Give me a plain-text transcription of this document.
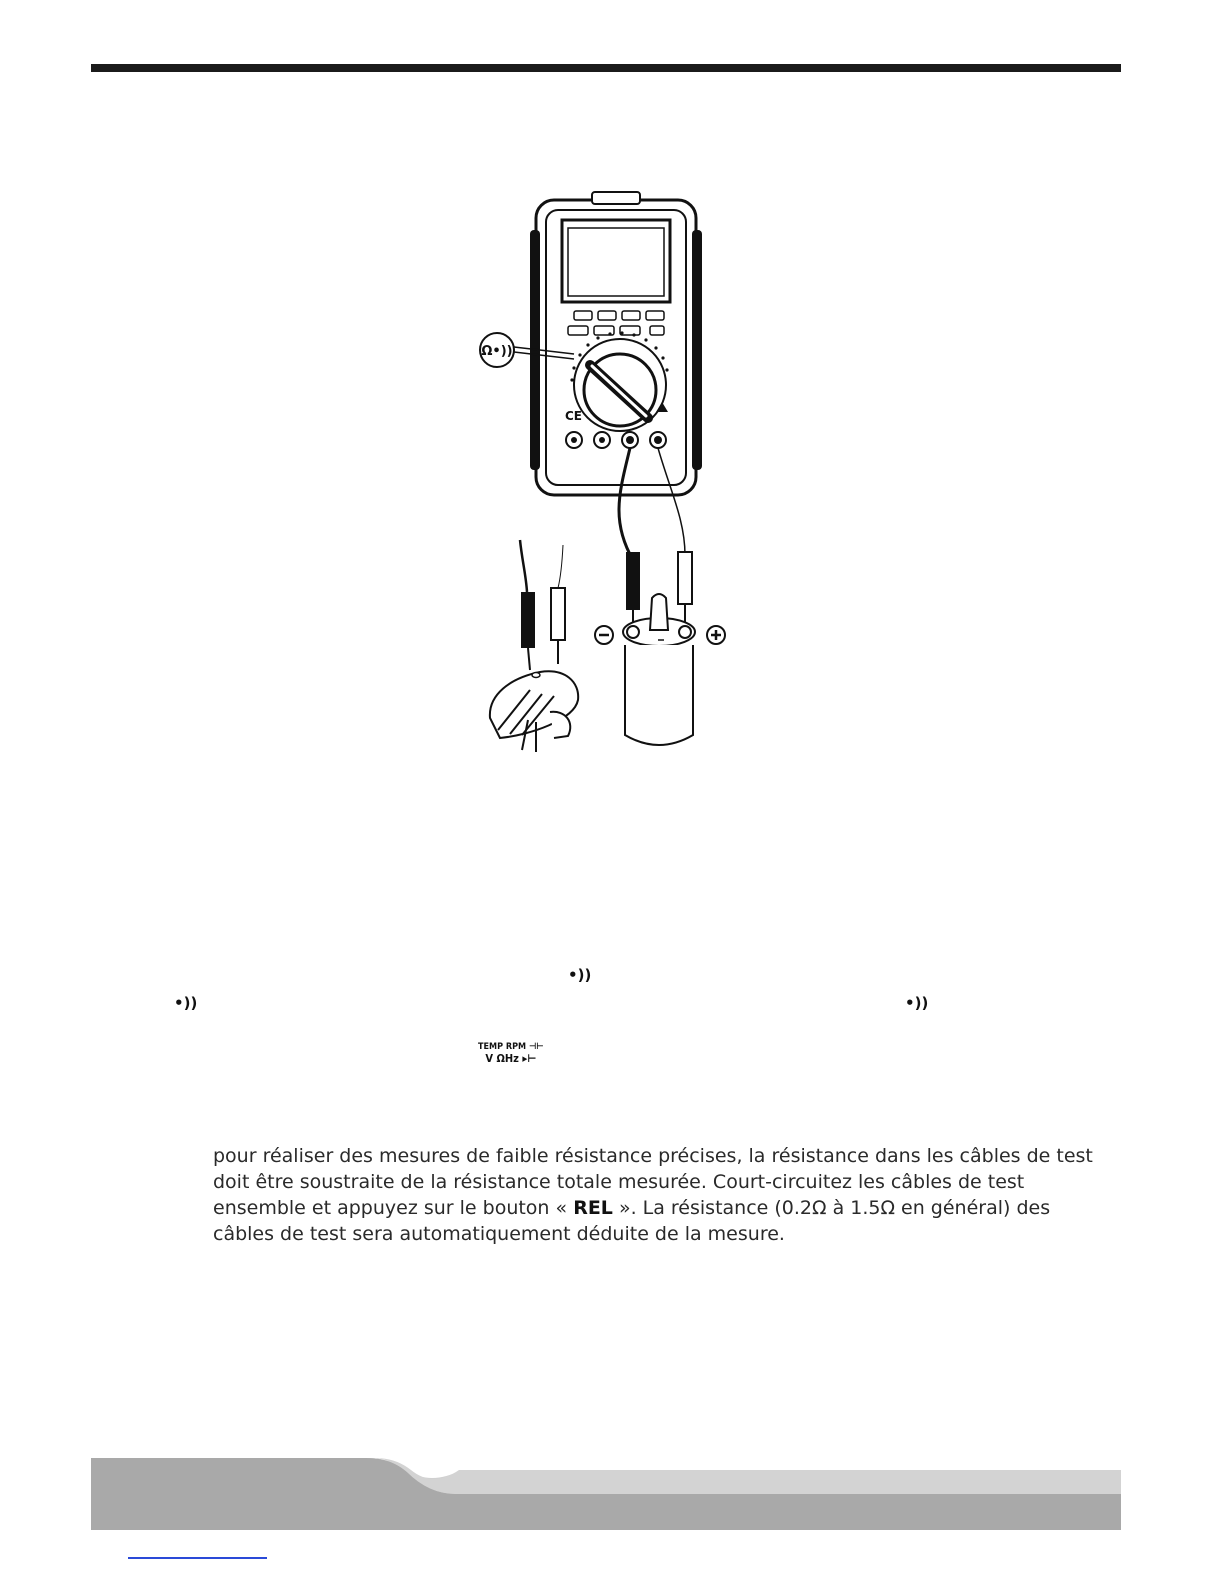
Ω•))
CE
•))
•))	•))
TEMP RPM ⊣⊢
V ΩHz ▸⊢
pour réaliser des mesures de faible résistance précises, la résistance dans les câbles de test doit être soustraite de la résistance totale mesurée. Court-circuitez les câbles de test ensemble et appuyez sur le bouton « REL ». La résistance (0.2Ω à 1.5Ω en général) des câbles de test sera automatiquement déduite de la mesure.
